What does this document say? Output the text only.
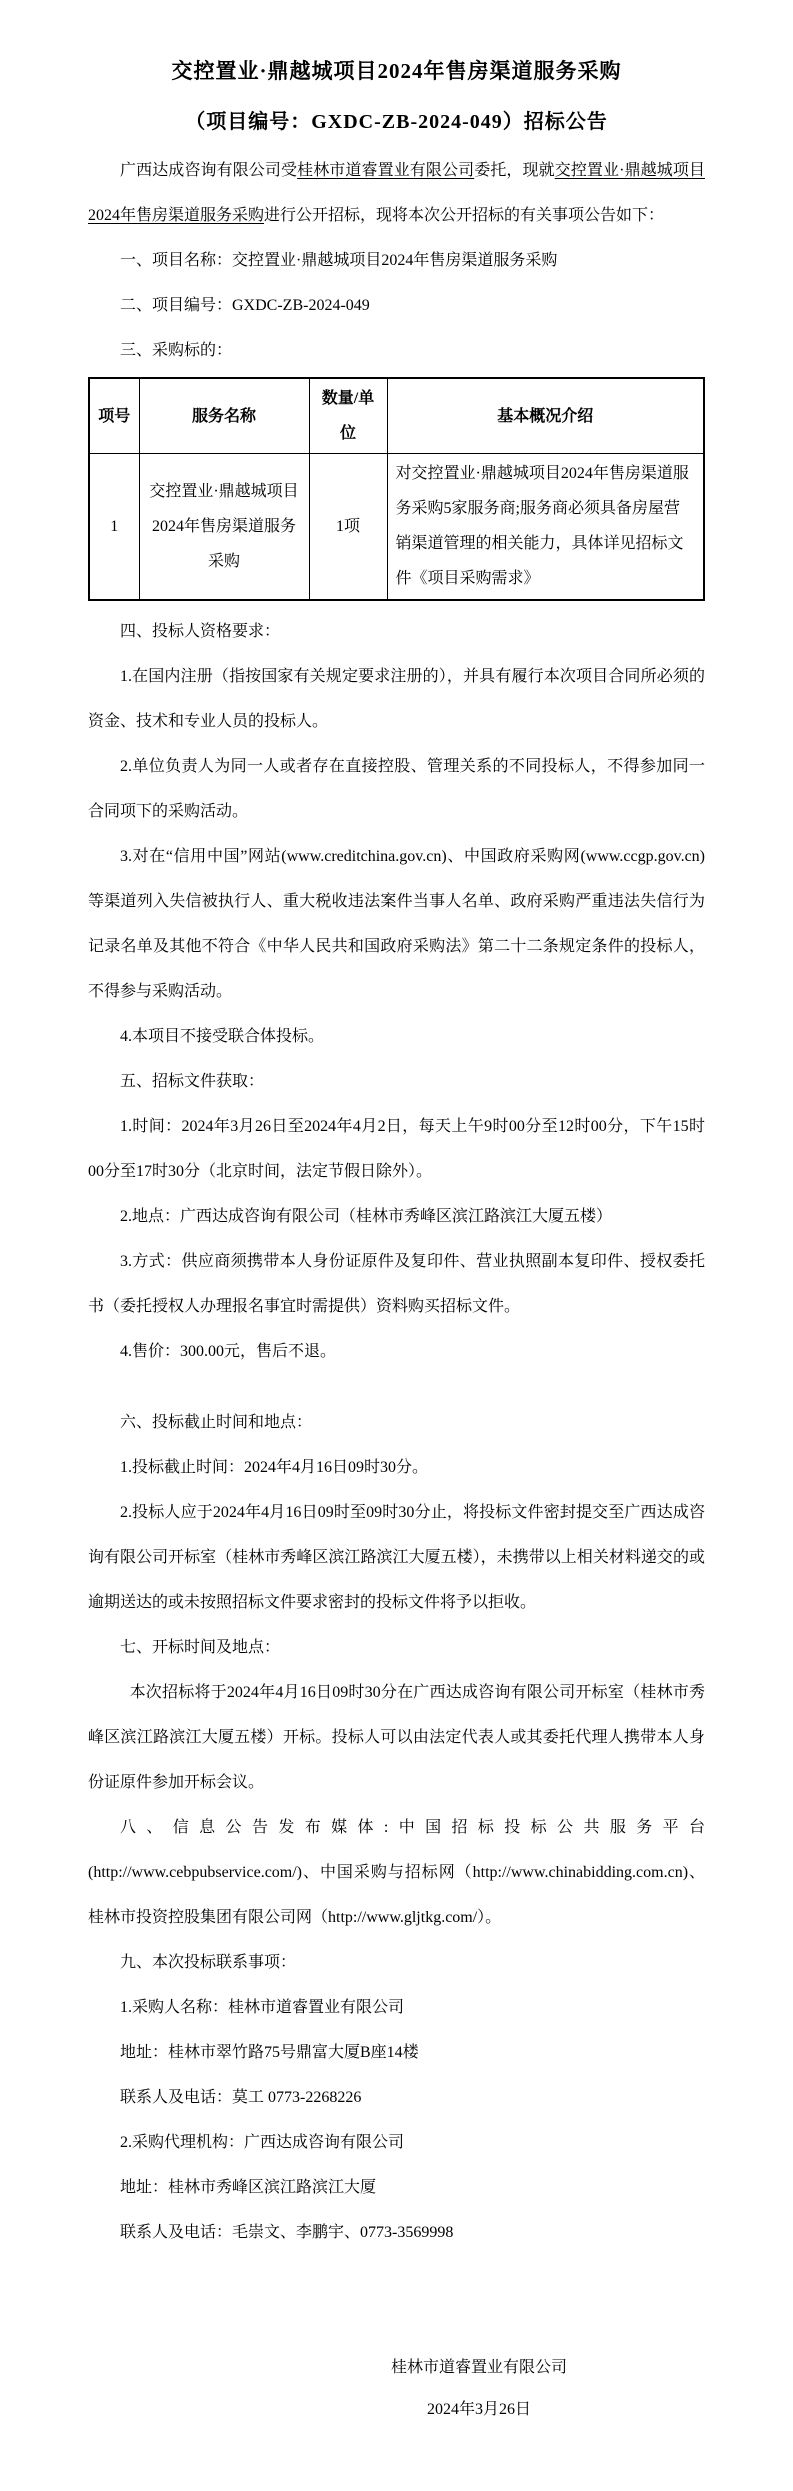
交控置业·鼎越城项目2024年售房渠道服务采购
（项目编号：GXDC-ZB-2024-049）招标公告

广西达成咨询有限公司受桂林市道睿置业有限公司委托，现就交控置业·鼎越城项目2024年售房渠道服务采购进行公开招标，现将本次公开招标的有关事项公告如下：

一、项目名称：交控置业·鼎越城项目2024年售房渠道服务采购

二、项目编号：GXDC-ZB-2024-049

三、采购标的：

项号	服务名称	数量/单位	基本概况介绍
1	交控置业·鼎越城项目2024年售房渠道服务采购	1项	对交控置业·鼎越城项目2024年售房渠道服务采购5家服务商;服务商必须具备房屋营销渠道管理的相关能力，具体详见招标文件《项目采购需求》

四、投标人资格要求：

1.在国内注册（指按国家有关规定要求注册的），并具有履行本次项目合同所必须的资金、技术和专业人员的投标人。

2.单位负责人为同一人或者存在直接控股、管理关系的不同投标人，不得参加同一合同项下的采购活动。

3.对在“信用中国”网站(www.creditchina.gov.cn)、中国政府采购网(www.ccgp.gov.cn)等渠道列入失信被执行人、重大税收违法案件当事人名单、政府采购严重违法失信行为记录名单及其他不符合《中华人民共和国政府采购法》第二十二条规定条件的投标人，不得参与采购活动。

4.本项目不接受联合体投标。

五、招标文件获取：

1.时间：2024年3月26日至2024年4月2日，每天上午9时00分至12时00分，下午15时00分至17时30分（北京时间，法定节假日除外）。

2.地点：广西达成咨询有限公司（桂林市秀峰区滨江路滨江大厦五楼）

3.方式：供应商须携带本人身份证原件及复印件、营业执照副本复印件、授权委托书（委托授权人办理报名事宜时需提供）资料购买招标文件。

4.售价：300.00元，售后不退。

六、投标截止时间和地点：

1.投标截止时间：2024年4月16日09时30分。

2.投标人应于2024年4月16日09时至09时30分止，将投标文件密封提交至广西达成咨询有限公司开标室（桂林市秀峰区滨江路滨江大厦五楼），未携带以上相关材料递交的或逾期送达的或未按照招标文件要求密封的投标文件将予以拒收。

七、开标时间及地点：

本次招标将于2024年4月16日09时30分在广西达成咨询有限公司开标室（桂林市秀峰区滨江路滨江大厦五楼）开标。投标人可以由法定代表人或其委托代理人携带本人身份证原件参加开标会议。

八、信息公告发布媒体:中国招标投标公共服务平台(http://www.cebpubservice.com/)、中国采购与招标网（http://www.chinabidding.com.cn)、桂林市投资控股集团有限公司网（http://www.gljtkg.com/）。

九、本次投标联系事项：

1.采购人名称：桂林市道睿置业有限公司

地址：桂林市翠竹路75号鼎富大厦B座14楼

联系人及电话：莫工 0773-2268226

2.采购代理机构：广西达成咨询有限公司

地址：桂林市秀峰区滨江路滨江大厦

联系人及电话：毛崇文、李鹏宇、0773-3569998

桂林市道睿置业有限公司

2024年3月26日
